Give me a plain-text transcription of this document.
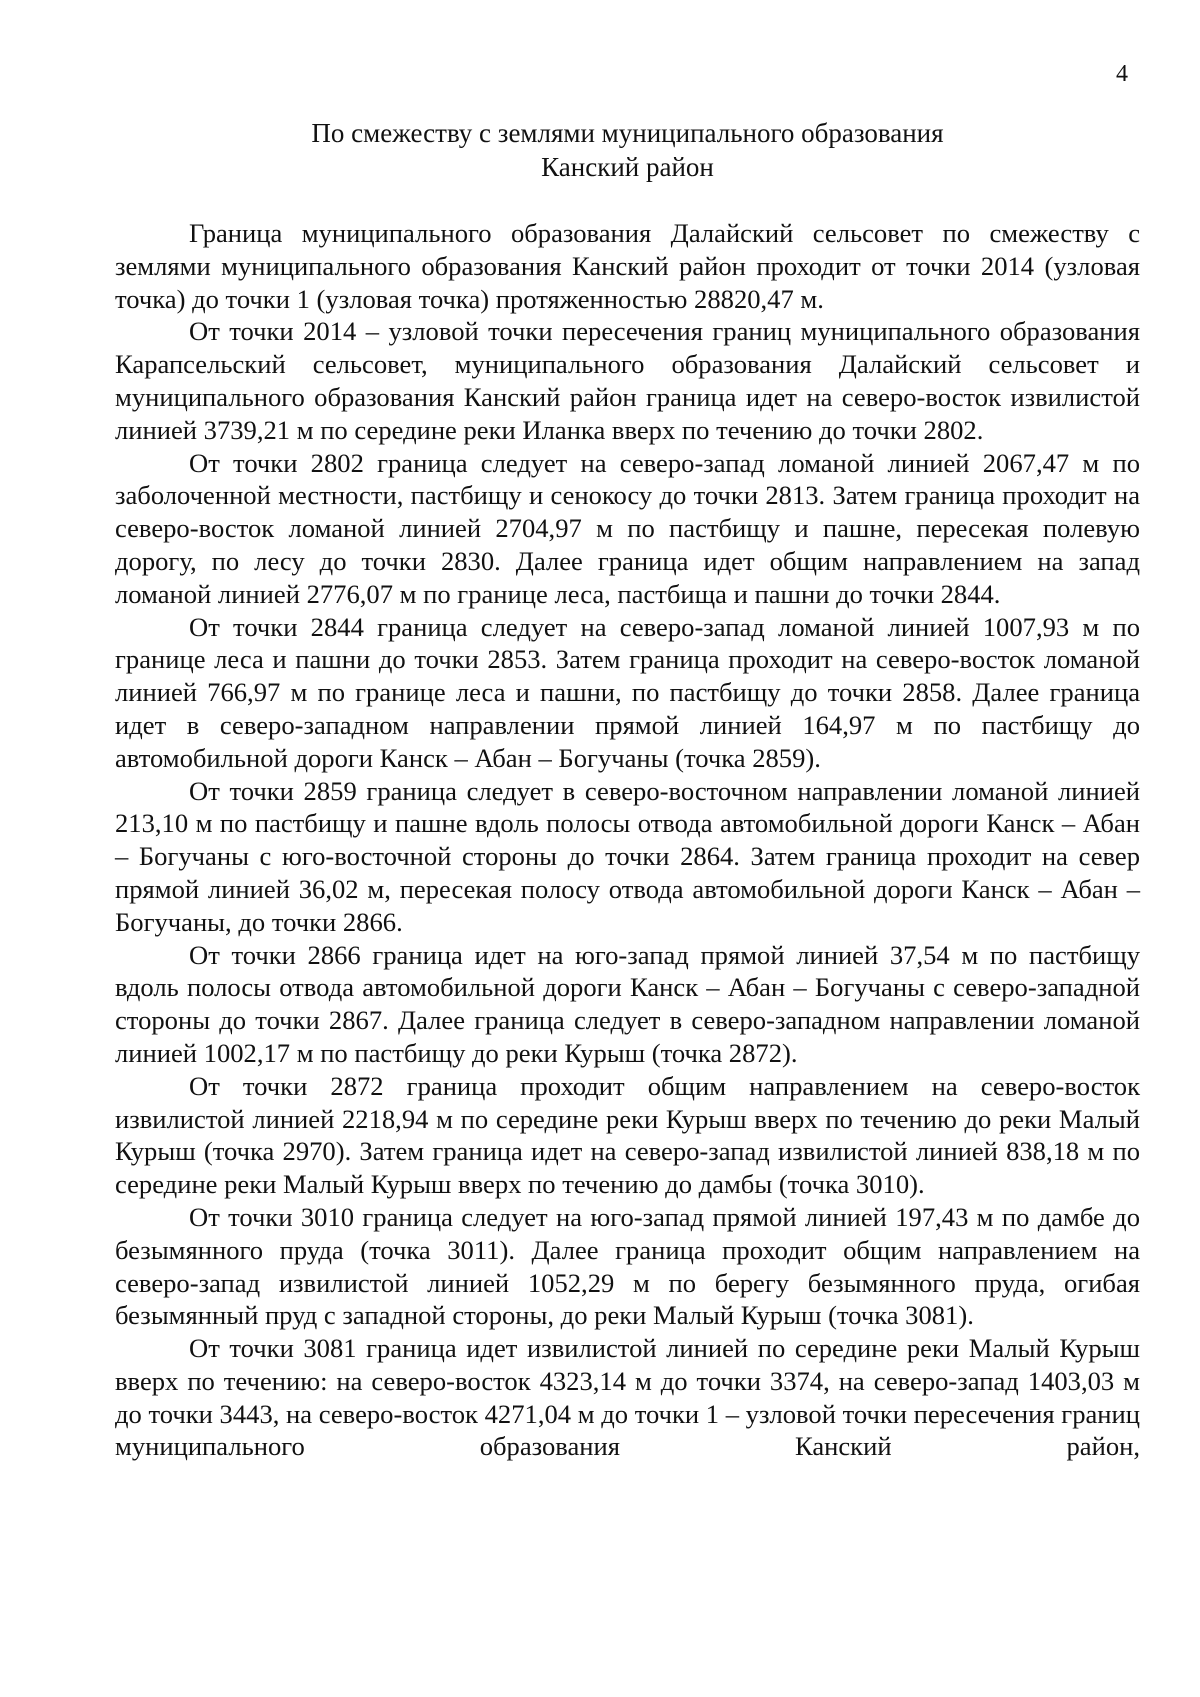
4
По смежеству с землями муниципального образования
Канский район

Граница муниципального образования Далайский сельсовет по смежеству с землями муниципального образования Канский район проходит от точки 2014 (узловая точка) до точки 1 (узловая точка) протяженностью 28820,47 м.

От точки 2014 – узловой точки пересечения границ муниципального образования Карапсельский сельсовет, муниципального образования Далайский сельсовет и муниципального образования Канский район граница идет на северо-восток извилистой линией 3739,21 м по середине реки Иланка вверх по течению до точки 2802.

От точки 2802 граница следует на северо-запад ломаной линией 2067,47 м по заболоченной местности, пастбищу и сенокосу до точки 2813. Затем граница проходит на северо-восток ломаной линией 2704,97 м по пастбищу и пашне, пересекая полевую дорогу, по лесу до точки 2830. Далее граница идет общим направлением на запад ломаной линией 2776,07 м по границе леса, пастбища и пашни до точки 2844.

От точки 2844 граница следует на северо-запад ломаной линией 1007,93 м по границе леса и пашни до точки 2853. Затем граница проходит на северо-восток ломаной линией 766,97 м по границе леса и пашни, по пастбищу до точки 2858. Далее граница идет в северо-западном направлении прямой линией 164,97 м по пастбищу до автомобильной дороги Канск – Абан – Богучаны (точка 2859).

От точки 2859 граница следует в северо-восточном направлении ломаной линией 213,10 м по пастбищу и пашне вдоль полосы отвода автомобильной дороги Канск – Абан – Богучаны с юго-восточной стороны до точки 2864. Затем граница проходит на север прямой линией 36,02 м, пересекая полосу отвода автомобильной дороги Канск – Абан – Богучаны, до точки 2866.

От точки 2866 граница идет на юго-запад прямой линией 37,54 м по пастбищу вдоль полосы отвода автомобильной дороги Канск – Абан – Богучаны с северо-западной стороны до точки 2867. Далее граница следует в северо-западном направлении ломаной линией 1002,17 м по пастбищу до реки Курыш (точка 2872).

От точки 2872 граница проходит общим направлением на северо-восток извилистой линией 2218,94 м по середине реки Курыш вверх по течению до реки Малый Курыш (точка 2970). Затем граница идет на северо-запад извилистой линией 838,18 м по середине реки Малый Курыш вверх по течению до дамбы (точка 3010).

От точки 3010 граница следует на юго-запад прямой линией 197,43 м по дамбе до безымянного пруда (точка 3011). Далее граница проходит общим направлением на северо-запад извилистой линией 1052,29 м по берегу безымянного пруда, огибая безымянный пруд с западной стороны, до реки Малый Курыш (точка 3081).

От точки 3081 граница идет извилистой линией по середине реки Малый Курыш вверх по течению: на северо-восток 4323,14 м до точки 3374, на северо-запад 1403,03 м до точки 3443, на северо-восток 4271,04 м до точки 1 – узловой точки пересечения границ муниципального образования Канский район,
